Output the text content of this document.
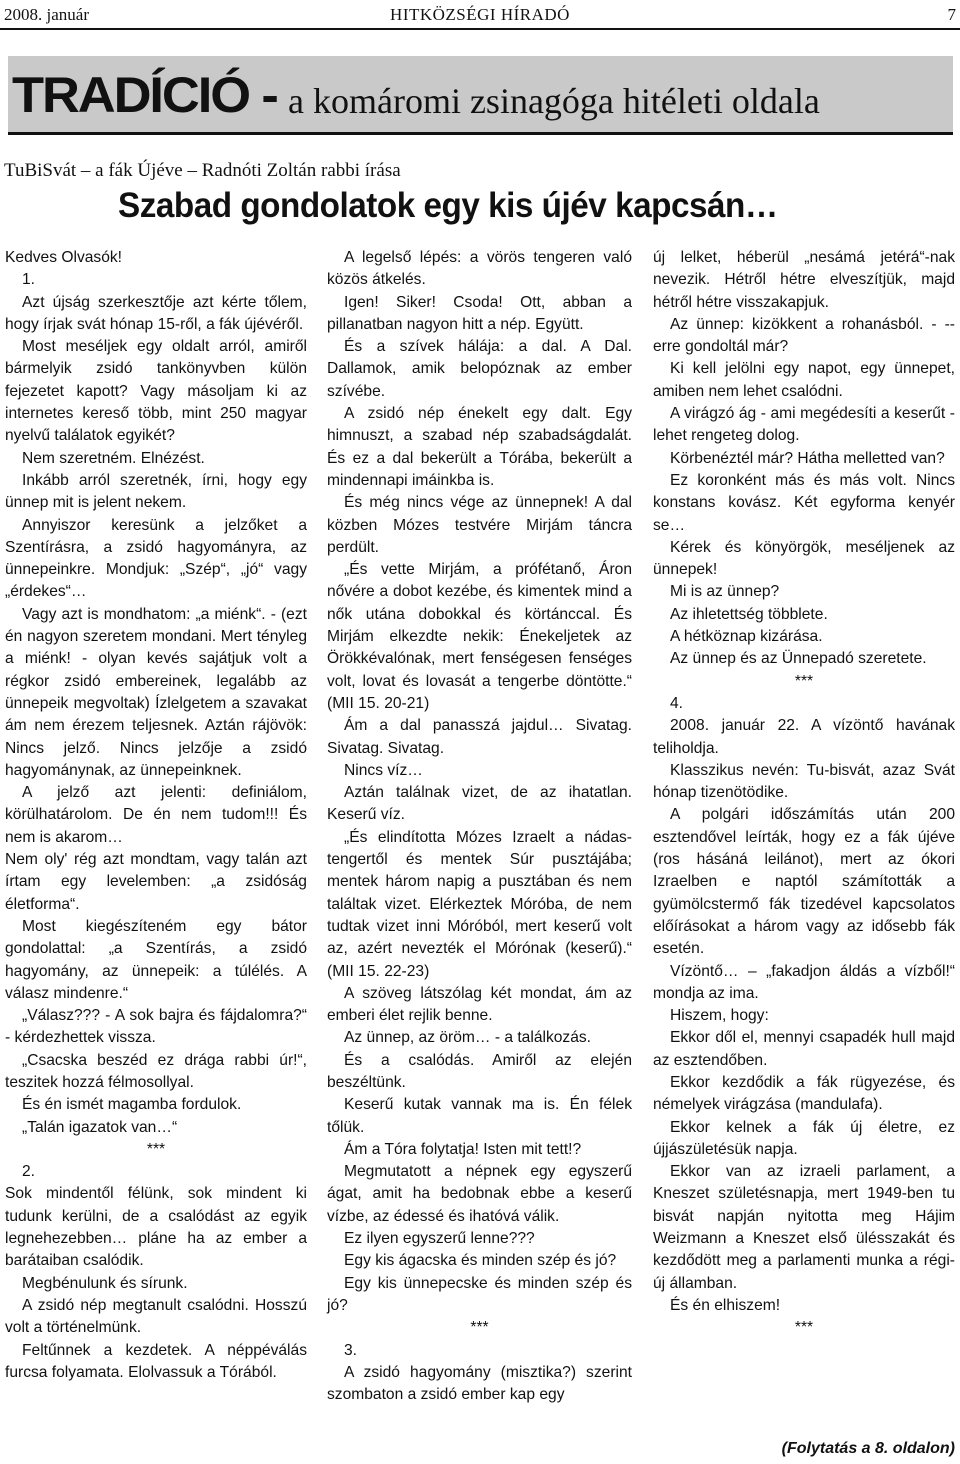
2008. január	HITKÖZSÉGI HÍRADÓ	7
TRADÍCIÓ - a komáromi zsinagóga hitéleti oldala
TuBiSvát – a fák Újéve – Radnóti Zoltán rabbi írása
Szabad gondolatok egy kis újév kapcsán…

Kedves Olvasók!

1.

Azt újság szerkesztője azt kérte tőlem, hogy írjak svát hónap 15-ről, a fák újévéről.

Most meséljek egy oldalt arról, amiről bármelyik zsidó tankönyvben külön fejezetet kapott? Vagy másoljam ki az internetes kereső több, mint 250 magyar nyelvű találatok egyikét?

Nem szeretném. Elnézést.

Inkább arról szeretnék, írni, hogy egy ünnep mit is jelent nekem.

Annyiszor keresünk a jelzőket a Szentírásra, a zsidó hagyományra, az ünnepeinkre. Mondjuk: „Szép“, „jó“ vagy „érdekes“…

Vagy azt is mondhatom: „a miénk“. - (ezt én nagyon szeretem mondani. Mert tényleg a miénk! - olyan kevés sajátjuk volt a régkor zsidó embereinek, legalább az ünnepeik megvoltak) Ízlelgetem a szavakat ám nem érezem teljesnek. Aztán rájövök: Nincs jelző. Nincs jelzője a zsidó hagyománynak, az ünnepeinknek.

A jelző azt jelenti: definiálom, körülhatárolom. De én nem tudom!!! És nem is akarom…

Nem oly' rég azt mondtam, vagy talán azt írtam egy levelemben: „a zsidóság életforma“.

Most kiegészíteném egy bátor gondolattal: „a Szentírás, a zsidó hagyomány, az ünnepeik: a túlélés. A válasz mindenre.“

„Válasz??? - A sok bajra és fájdalomra?“ - kérdezhettek vissza.

„Csacska beszéd ez drága rabbi úr!“, teszitek hozzá félmosollyal.

És én ismét magamba fordulok.

„Talán igazatok van…“

***

2.

Sok mindentől félünk, sok mindent ki tudunk kerülni, de a csalódást az egyik legnehezebben… pláne ha az ember a barátaiban csalódik.

Megbénulunk és sírunk.

A zsidó nép megtanult csalódni. Hosszú volt a történelmünk.

Feltűnnek a kezdetek. A néppéválás furcsa folyamata. Elolvassuk a Tórából.

A legelső lépés: a vörös tengeren való közös átkelés.

Igen! Siker! Csoda! Ott, abban a pillanatban nagyon hitt a nép. Együtt.

És a szívek hálája: a dal. A Dal. Dallamok, amik belopóznak az ember szívébe.

A zsidó nép énekelt egy dalt. Egy himnuszt, a szabad nép szabadságdalát. És ez a dal bekerült a Tórába, bekerült a mindennapi imáinkba is.

És még nincs vége az ünnepnek! A dal közben Mózes testvére Mirjám táncra perdült.

„És vette Mirjám, a prófétanő, Áron nővére a dobot kezébe, és kimentek mind a nők utána dobokkal és körtánccal. És Mirjám elkezdte nekik: Énekeljetek az Örökkévalónak, mert fenségesen fenséges volt, lovat és lovasát a tengerbe döntötte.“ (MII 15. 20-21)

Ám a dal panasszá jajdul… Sivatag. Sivatag. Sivatag.

Nincs víz…

Aztán találnak vizet, de az ihatatlan. Keserű víz.

„És elindította Mózes Izraelt a nádas-tengertől és mentek Súr pusztájába; mentek három napig a pusztában és nem találtak vizet. Elérkeztek Móróba, de nem tudtak vizet inni Móróból, mert keserű volt az, azért nevezték el Mórónak (keserű).“ (MII 15. 22-23)

A szöveg látszólag két mondat, ám az emberi élet rejlik benne.

Az ünnep, az öröm… - a találkozás.

És a csalódás. Amiről az elején beszéltünk.

Keserű kutak vannak ma is. Én félek tőlük.

Ám a Tóra folytatja! Isten mit tett!?

Megmutatott a népnek egy egyszerű ágat, amit ha bedobnak ebbe a keserű vízbe, az édessé és ihatóvá válik.

Ez ilyen egyszerű lenne???

Egy kis ágacska és minden szép és jó?

Egy kis ünnepecske és minden szép és jó?

***

3.

A zsidó hagyomány (misztika?) szerint szombaton a zsidó ember kap egy

új lelket, héberül „nesámá jetérá“-nak nevezik. Hétről hétre elveszítjük, majd hétről hétre visszakapjuk.

Az ünnep: kizökkent a rohanásból. - -- erre gondoltál már?

Ki kell jelölni egy napot, egy ünnepet, amiben nem lehet csalódni.

A virágzó ág - ami megédesíti a keserűt - lehet rengeteg dolog.

Körbenéztél már? Hátha melletted van?

Ez koronként más és más volt. Nincs konstans kovász. Két egyforma kenyér se…

Kérek és könyörgök, meséljenek az ünnepek!

Mi is az ünnep?

Az ihletettség többlete.

A hétköznap kizárása.

Az ünnep és az Ünnepadó szeretete.

***

4.

2008. január 22. A vízöntő havának teliholdja.

Klasszikus nevén: Tu-bisvát, azaz Svát hónap tizenötödike.

A polgári időszámítás után 200 esztendővel leírták, hogy ez a fák újéve (ros hásáná leilánot), mert az ókori Izraelben e naptól számították a gyümölcstermő fák tizedével kapcsolatos előírásokat a három vagy az idősebb fák esetén.

Vízöntő… – „fakadjon áldás a vízből!“ mondja az ima.

Hiszem, hogy:

Ekkor dől el, mennyi csapadék hull majd az esztendőben.

Ekkor kezdődik a fák rügyezése, és némelyek virágzása (mandulafa).

Ekkor kelnek a fák új életre, ez újjászületésük napja.

Ekkor van az izraeli parlament, a Kneszet születésnapja, mert 1949-ben tu bisvát napján nyitotta meg Hájim Weizmann a Kneszet első ülésszakát és kezdődött meg a parlamenti munka a régi-új államban.

És én elhiszem!

***

(Folytatás a 8. oldalon)
